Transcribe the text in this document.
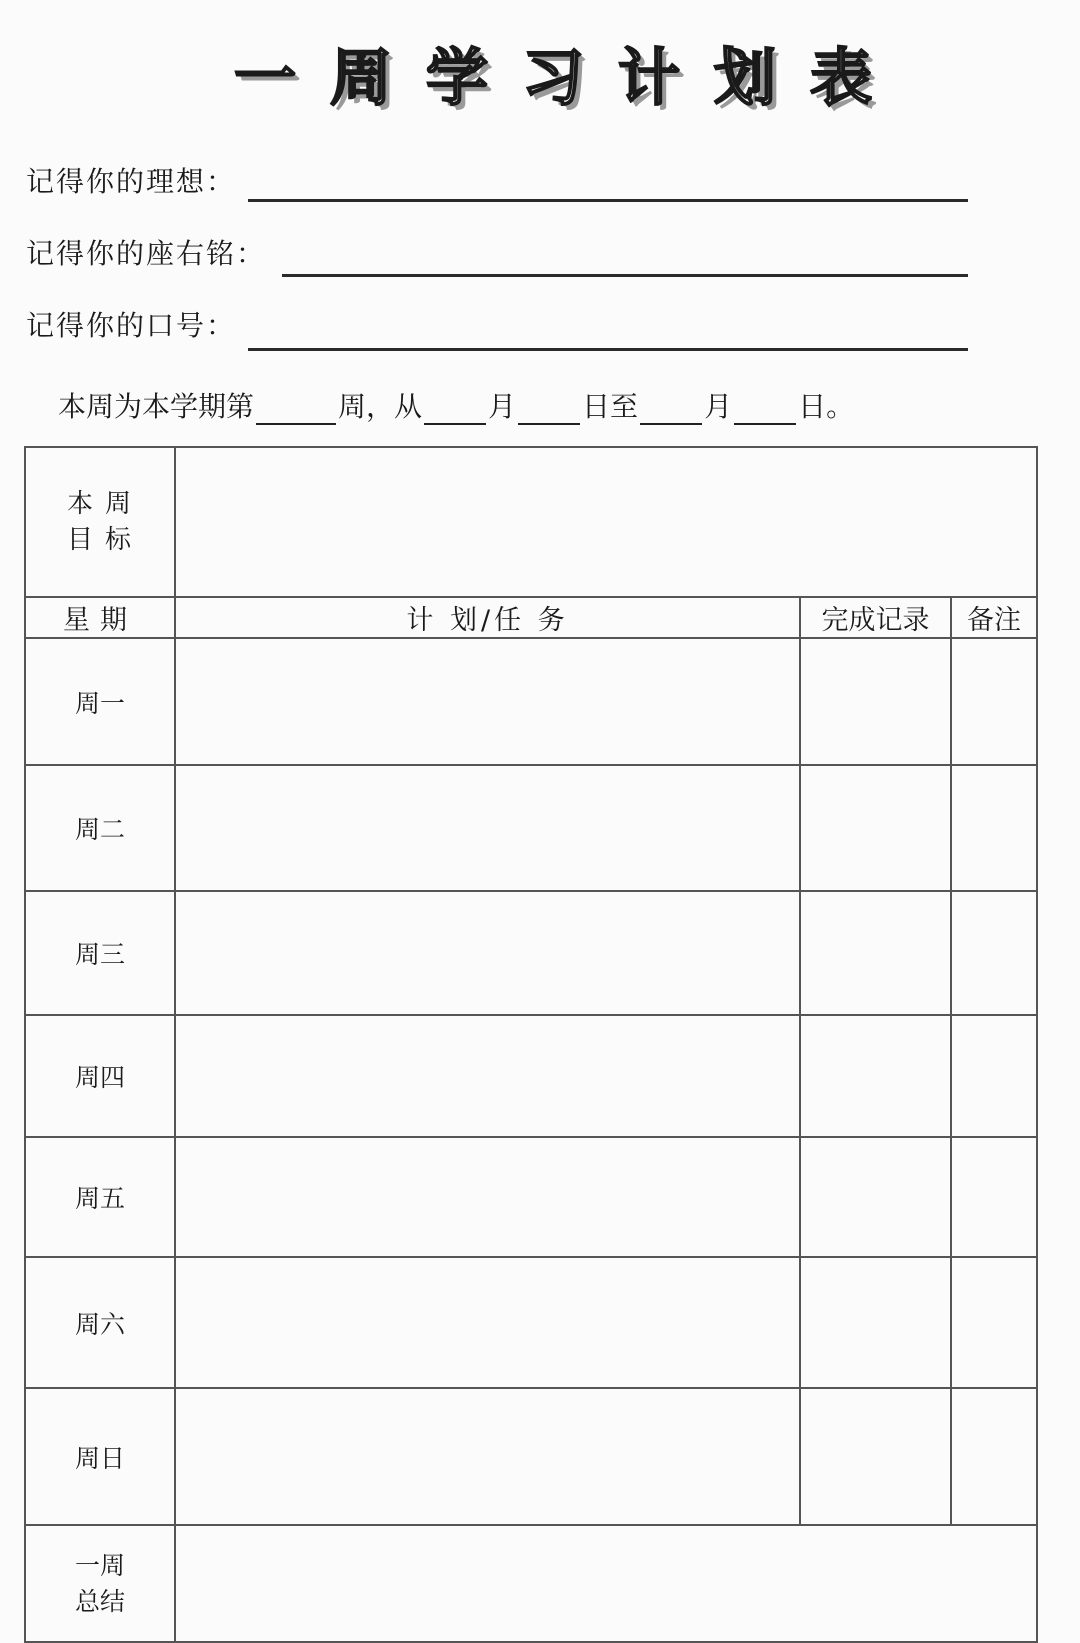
一周学习计划表
记得你的理想：
记得你的座右铭：
记得你的口号：
本周为本学期第	周，从 月 日至 月 日。
本周
目标			

星期	计 划/任 务	完成记录	备注
周一			
周二			
周三			
周四			
周五			
周六			
周日			

一周
总结			
